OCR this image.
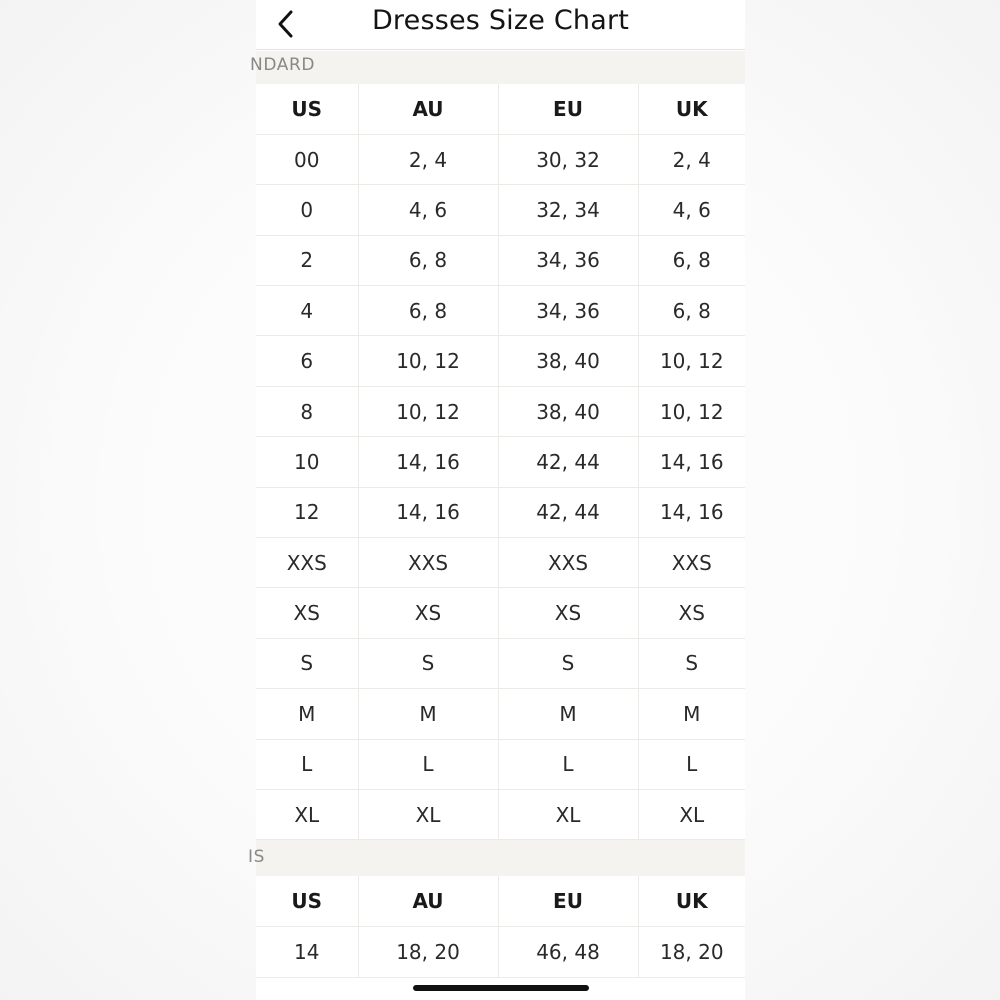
Dresses Size Chart
NDARD
US	AU	EU	UK
00	2, 4	30, 32	2, 4
0	4, 6	32, 34	4, 6
2	6, 8	34, 36	6, 8
4	6, 8	34, 36	6, 8
6	10, 12	38, 40	10, 12
8	10, 12	38, 40	10, 12
10	14, 16	42, 44	14, 16
12	14, 16	42, 44	14, 16
XXS	XXS	XXS	XXS
XS	XS	XS	XS
S	S	S	S
M	M	M	M
L	L	L	L
XL	XL	XL	XL
IS
US	AU	EU	UK
14	18, 20	46, 48	18, 20
